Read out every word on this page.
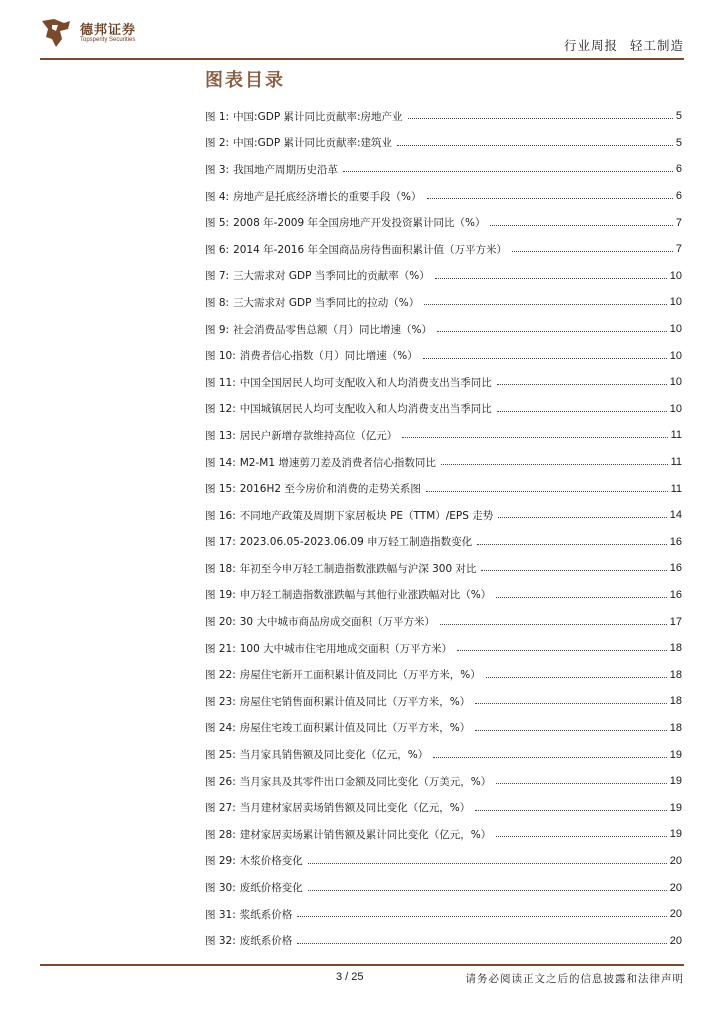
德邦证券
Topsperity Securities	行业周报 轻工制造
图表目录
图 1: 中国:GDP 累计同比贡献率:房地产业	5
图 2: 中国:GDP 累计同比贡献率:建筑业	5
图 3: 我国地产周期历史沿革	6
图 4: 房地产是托底经济增长的重要手段（%）	6
图 5: 2008 年-2009 年全国房地产开发投资累计同比（%）	7
图 6: 2014 年-2016 年全国商品房待售面积累计值（万平方米）	7
图 7: 三大需求对 GDP 当季同比的贡献率（%）	10
图 8: 三大需求对 GDP 当季同比的拉动（%）	10
图 9: 社会消费品零售总额（月）同比增速（%）	10
图 10: 消费者信心指数（月）同比增速（%）	10
图 11: 中国全国居民人均可支配收入和人均消费支出当季同比	10
图 12: 中国城镇居民人均可支配收入和人均消费支出当季同比	10
图 13: 居民户新增存款维持高位（亿元）	11
图 14: M2-M1 增速剪刀差及消费者信心指数同比	11
图 15: 2016H2 至今房价和消费的走势关系图	11
图 16: 不同地产政策及周期下家居板块 PE（TTM）/EPS 走势	14
图 17: 2023.06.05-2023.06.09 申万轻工制造指数变化	16
图 18: 年初至今申万轻工制造指数涨跌幅与沪深 300 对比	16
图 19: 申万轻工制造指数涨跌幅与其他行业涨跌幅对比（%）	16
图 20: 30 大中城市商品房成交面积（万平方米）	17
图 21: 100 大中城市住宅用地成交面积（万平方米）	18
图 22: 房屋住宅新开工面积累计值及同比（万平方米，%）	18
图 23: 房屋住宅销售面积累计值及同比（万平方米，%）	18
图 24: 房屋住宅竣工面积累计值及同比（万平方米，%）	18
图 25: 当月家具销售额及同比变化（亿元，%）	19
图 26: 当月家具及其零件出口金额及同比变化（万美元，%）	19
图 27: 当月建材家居卖场销售额及同比变化（亿元，%）	19
图 28: 建材家居卖场累计销售额及累计同比变化（亿元，%）	19
图 29: 木浆价格变化	20
图 30: 废纸价格变化	20
图 31: 浆纸系价格	20
图 32: 废纸系价格	20
3 / 25	请务必阅读正文之后的信息披露和法律声明
